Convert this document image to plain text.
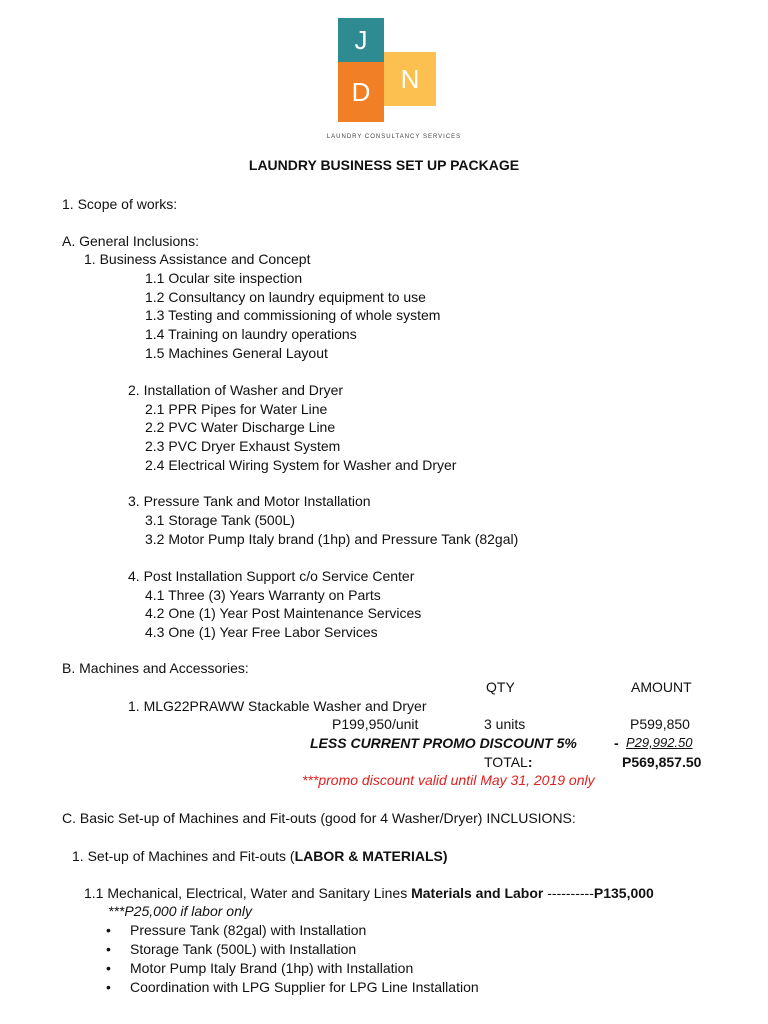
J
N
D
LAUNDRY CONSULTANCY SERVICES
LAUNDRY BUSINESS SET UP PACKAGE
1. Scope of works:
A. General Inclusions:
1. Business Assistance and Concept
1.1 Ocular site inspection
1.2 Consultancy on laundry equipment to use
1.3 Testing and commissioning of whole system
1.4 Training on laundry operations
1.5 Machines General Layout
2. Installation of Washer and Dryer
2.1 PPR Pipes for Water Line
2.2 PVC Water Discharge Line
2.3 PVC Dryer Exhaust System
2.4 Electrical Wiring System for Washer and Dryer
3. Pressure Tank and Motor Installation
3.1 Storage Tank (500L)
3.2 Motor Pump Italy brand (1hp) and Pressure Tank (82gal)
4. Post Installation Support c/o Service Center
4.1 Three (3) Years Warranty on Parts
4.2 One (1) Year Post Maintenance Services
4.3 One (1) Year Free Labor Services
B. Machines and Accessories:
QTY	AMOUNT
1. MLG22PRAWW Stackable Washer and Dryer
P199,950/unit	3 units	P599,850
LESS CURRENT PROMO DISCOUNT 5%	- P29,992.50
TOTAL:	P569,857.50
***promo discount valid until May 31, 2019 only
C. Basic Set-up of Machines and Fit-outs (good for 4 Washer/Dryer) INCLUSIONS:
1. Set-up of Machines and Fit-outs (LABOR & MATERIALS)
1.1 Mechanical, Electrical, Water and Sanitary Lines Materials and Labor ----------P135,000
***P25,000 if labor only
• Pressure Tank (82gal) with Installation
• Storage Tank (500L) with Installation
• Motor Pump Italy Brand (1hp) with Installation
• Coordination with LPG Supplier for LPG Line Installation
